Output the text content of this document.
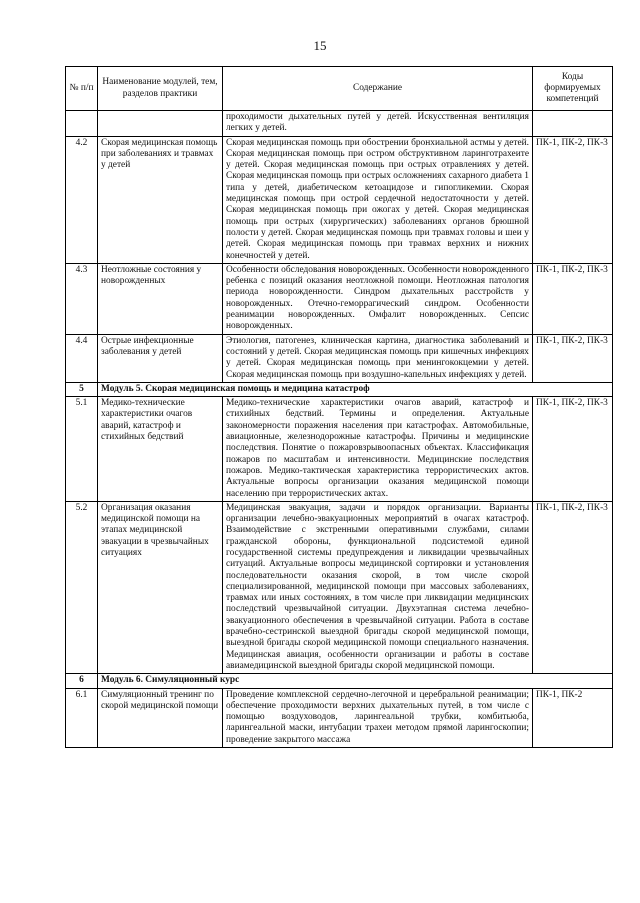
15
№ п/п	Наименование модулей, тем, разделов практики	Содержание	Коды формируемых компетенций
		проходимости дыхательных путей у детей. Искусственная вентиляция легких у детей.	
4.2	Скорая медицинская помощь при заболеваниях и травмах у детей	Скорая медицинская помощь при обострении бронхиальной астмы у детей. Скорая медицинская помощь при остром обструктивном ларинготрахеите у детей. Скорая медицинская помощь при острых отравлениях у детей. Скорая медицинская помощь при острых осложнениях сахарного диабета 1 типа у детей, диабетическом кетоацидозе и гипогликемии. Скорая медицинская помощь при острой сердечной недостаточности у детей. Скорая медицинская помощь при ожогах у детей. Скорая медицинская помощь при острых (хирургических) заболеваниях органов брюшной полости у детей. Скорая медицинская помощь при травмах головы и шеи у детей. Скорая медицинская помощь при травмах верхних и нижних конечностей у детей.	ПК-1, ПК-2, ПК-3
4.3	Неотложные состояния у новорожденных	Особенности обследования новорожденных. Особенности новорожденного ребенка с позиций оказания неотложной помощи. Неотложная патология периода новорожденности. Синдром дыхательных расстройств у новорожденных. Отечно-геморрагический синдром. Особенности реанимации новорожденных. Омфалит новорожденных. Сепсис новорожденных.	ПК-1, ПК-2, ПК-3
4.4	Острые инфекционные заболевания у детей	Этиология, патогенез, клиническая картина, диагностика заболеваний и состояний у детей. Скорая медицинская помощь при кишечных инфекциях у детей. Скорая медицинская помощь при менингококцемии у детей. Скорая медицинская помощь при воздушно-капельных инфекциях у детей.	ПК-1, ПК-2, ПК-3
5	Модуль 5. Скорая медицинская помощь и медицина катастроф		
5.1	Медико-технические характеристики очагов аварий, катастроф и стихийных бедствий	Медико-технические характеристики очагов аварий, катастроф и стихийных бедствий. Термины и определения. Актуальные закономерности поражения населения при катастрофах. Автомобильные, авиационные, железнодорожные катастрофы. Причины и медицинские последствия. Понятие о пожаровзрывоопасных объектах. Классификация пожаров по масштабам и интенсивности. Медицинские последствия пожаров. Медико-тактическая характеристика террористических актов. Актуальные вопросы организации оказания медицинской помощи населению при террористических актах.	ПК-1, ПК-2, ПК-3
5.2	Организация оказания медицинской помощи на этапах медицинской эвакуации в чрезвычайных ситуациях	Медицинская эвакуация, задачи и порядок организации. Варианты организации лечебно-эвакуационных мероприятий в очагах катастроф. Взаимодействие с экстренными оперативными службами, силами гражданской обороны, функциональной подсистемой единой государственной системы предупреждения и ликвидации чрезвычайных ситуаций. Актуальные вопросы медицинской сортировки и установления последовательности оказания скорой, в том числе скорой специализированной, медицинской помощи при массовых заболеваниях, травмах или иных состояниях, в том числе при ликвидации медицинских последствий чрезвычайной ситуации. Двухэтапная система лечебно-эвакуационного обеспечения в чрезвычайной ситуации. Работа в составе врачебно-сестринской выездной бригады скорой медицинской помощи, выездной бригады скорой медицинской помощи специального назначения. Медицинская авиация, особенности организации и работы в составе авиамедицинской выездной бригады скорой медицинской помощи.	ПК-1, ПК-2, ПК-3
6	Модуль 6. Симуляционный курс		
6.1	Симуляционный тренинг по скорой медицинской помощи	Проведение комплексной сердечно-легочной и церебральной реанимации; обеспечение проходимости верхних дыхательных путей, в том числе с помощью воздуховодов, ларингеальной трубки, комбитьюба, ларингеальной маски, интубации трахеи методом прямой ларингоскопии; проведение закрытого массажа	ПК-1, ПК-2
